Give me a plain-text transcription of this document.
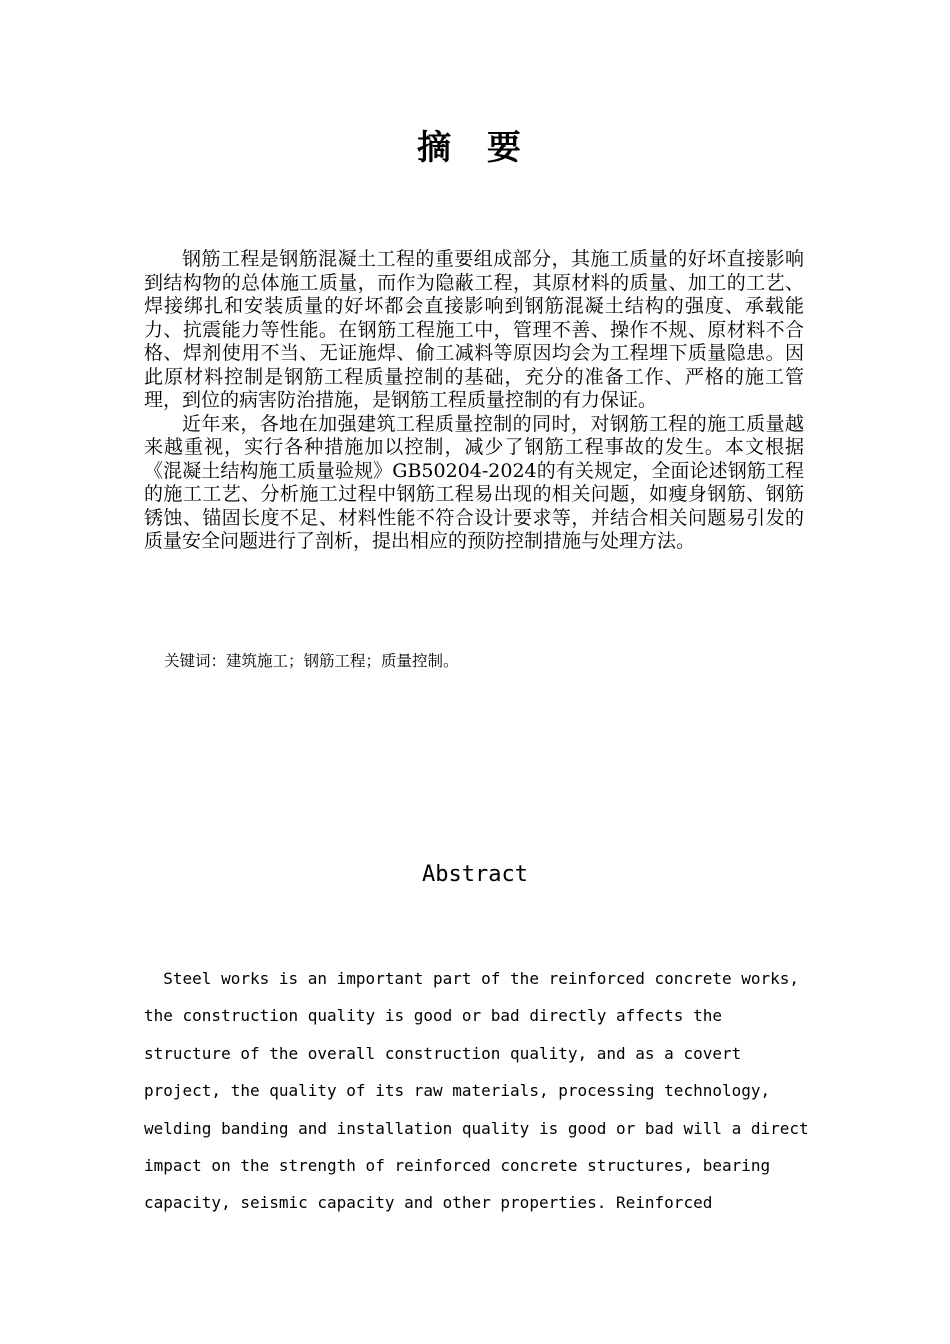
摘 要

钢筋工程是钢筋混凝土工程的重要组成部分，其施工质量的好坏直接影响到结构物的总体施工质量，而作为隐蔽工程，其原材料的质量、加工的工艺、焊接绑扎和安装质量的好坏都会直接影响到钢筋混凝土结构的强度、承载能力、抗震能力等性能。在钢筋工程施工中，管理不善、操作不规、原材料不合格、焊剂使用不当、无证施焊、偷工减料等原因均会为工程埋下质量隐患。因此原材料控制是钢筋工程质量控制的基础，充分的准备工作、严格的施工管理，到位的病害防治措施，是钢筋工程质量控制的有力保证。

近年来，各地在加强建筑工程质量控制的同时，对钢筋工程的施工质量越来越重视，实行各种措施加以控制，减少了钢筋工程事故的发生。本文根据《混凝土结构施工质量验规》GB50204-2024的有关规定，全面论述钢筋工程的施工工艺、分析施工过程中钢筋工程易出现的相关问题，如瘦身钢筋、钢筋锈蚀、锚固长度不足、材料性能不符合设计要求等，并结合相关问题易引发的质量安全问题进行了剖析，提出相应的预防控制措施与处理方法。

关键词：建筑施工；钢筋工程；质量控制。
Abstract
Steel works is an important part of the reinforced concrete works,
the construction quality is good or bad directly affects the
structure of the overall construction quality, and as a covert
project, the quality of its raw materials, processing technology,
welding banding and installation quality is good or bad will a direct
impact on the strength of reinforced concrete structures, bearing
capacity, seismic capacity and other properties. Reinforced
